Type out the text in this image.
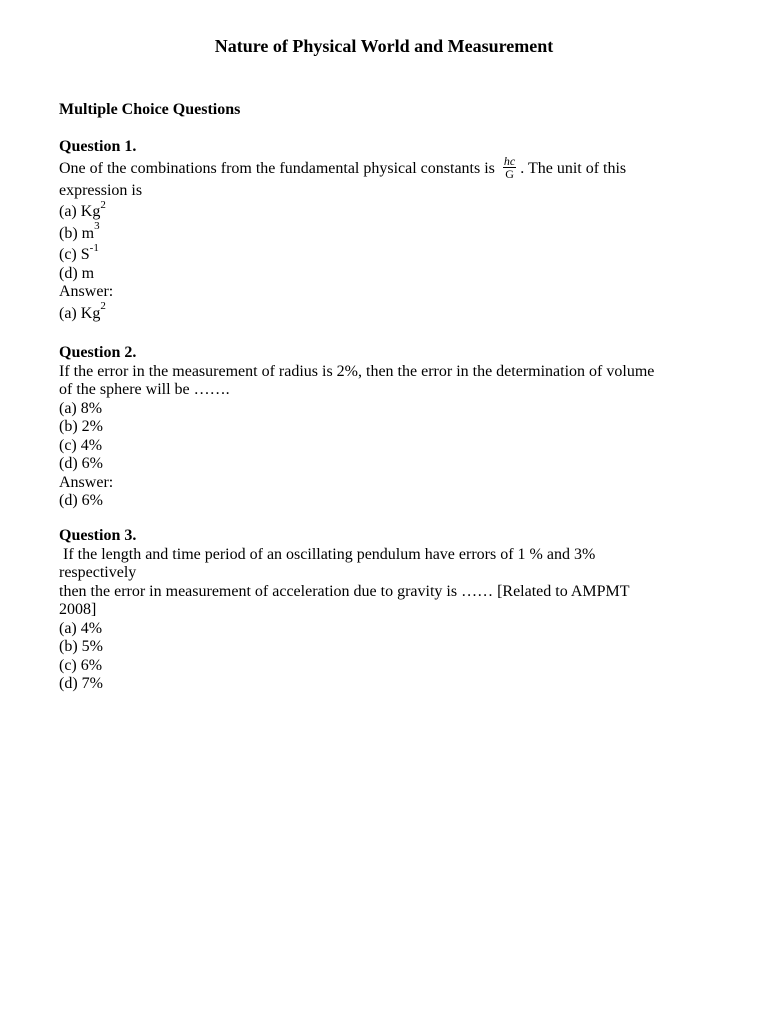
Nature of Physical World and Measurement
Multiple Choice Questions
Question 1.
One of the combinations from the fundamental physical constants is $\frac{hc}{G}$ . The unit of this
expression is
(a) Kg$^2$
(b) $m^3$
(c) $S^{-1}$
(d) m
Answer:
(a) Kg$^2$
Question 2.
If the error in the measurement of radius is 2%, then the error in the determination of volume
of the sphere will be …….
(a) 8%
(b) 2%
(c) 4%
(d) 6%
Answer:
(d) 6%
Question 3.
If the length and time period of an oscillating pendulum have errors of 1 % and 3%
respectively
then the error in measurement of acceleration due to gravity is …… [Related to AMPMT
2008]
(a) 4%
(b) 5%
(c) 6%
(d) 7%
